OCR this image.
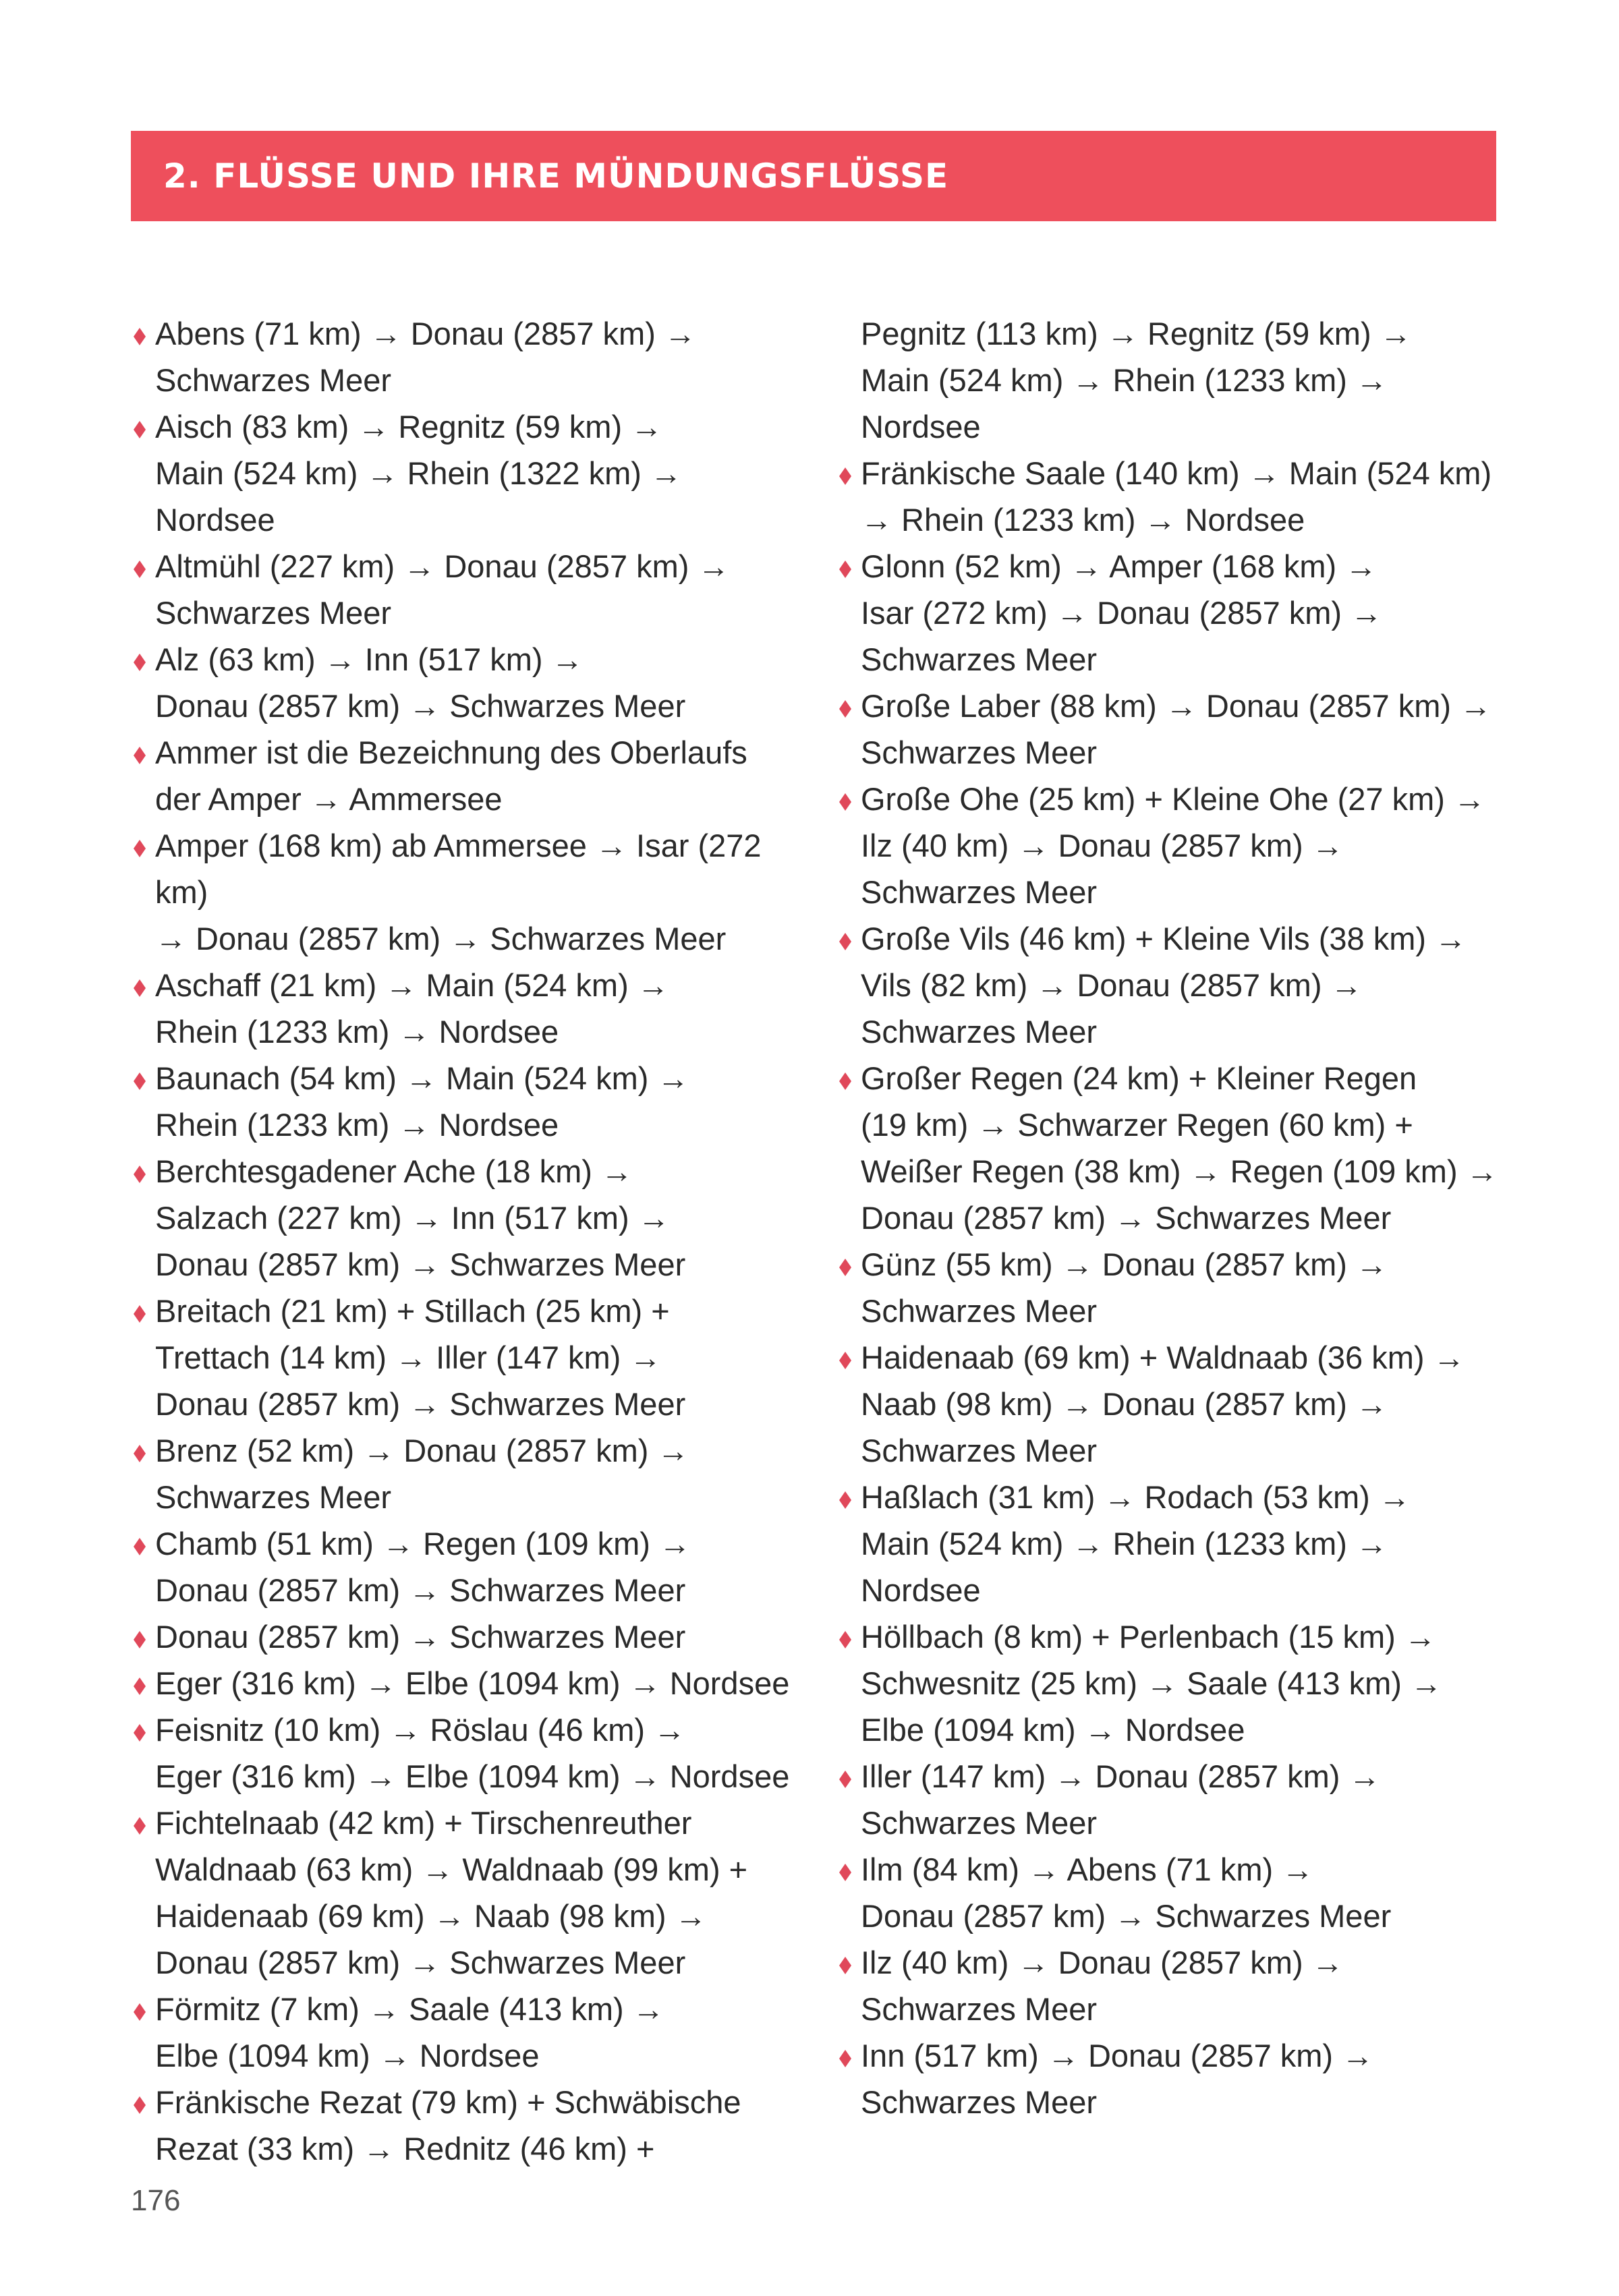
2. FLÜSSE UND IHRE MÜNDUNGSFLÜSSE
Abens (71 km) → Donau (2857 km) →
Schwarzes Meer
Aisch (83 km) → Regnitz (59 km) →
Main (524 km) → Rhein (1322 km) →
Nordsee
Altmühl (227 km) → Donau (2857 km) →
Schwarzes Meer
Alz (63 km) → Inn (517 km) →
Donau (2857 km) → Schwarzes Meer
Ammer ist die Bezeichnung des Oberlaufs
der Amper → Ammersee
Amper (168 km) ab Ammersee → Isar (272 km)
→ Donau (2857 km) → Schwarzes Meer
Aschaff (21 km) → Main (524 km) →
Rhein (1233 km) → Nordsee
Baunach (54 km) → Main (524 km) →
Rhein (1233 km) → Nordsee
Berchtesgadener Ache (18 km) →
Salzach (227 km) → Inn (517 km) →
Donau (2857 km) → Schwarzes Meer
Breitach (21 km) + Stillach (25 km) +
Trettach (14 km) → Iller (147 km) →
Donau (2857 km) → Schwarzes Meer
Brenz (52 km) → Donau (2857 km) →
Schwarzes Meer
Chamb (51 km) → Regen (109 km) →
Donau (2857 km) → Schwarzes Meer
Donau (2857 km) → Schwarzes Meer
Eger (316 km) → Elbe (1094 km) → Nordsee
Feisnitz (10 km) → Röslau (46 km) →
Eger (316 km) → Elbe (1094 km) → Nordsee
Fichtelnaab (42 km) + Tirschenreuther
Waldnaab (63 km) → Waldnaab (99 km) +
Haidenaab (69 km) → Naab (98 km) →
Donau (2857 km) → Schwarzes Meer
Förmitz (7 km) → Saale (413 km) →
Elbe (1094 km) → Nordsee
Fränkische Rezat (79 km) + Schwäbische
Rezat (33 km) → Rednitz (46 km) +
Pegnitz (113 km) → Regnitz (59 km) →
Main (524 km) → Rhein (1233 km) →
Nordsee
Fränkische Saale (140 km) → Main (524 km)
→ Rhein (1233 km) → Nordsee
Glonn (52 km) → Amper (168 km) →
Isar (272 km) → Donau (2857 km) →
Schwarzes Meer
Große Laber (88 km) → Donau (2857 km) →
Schwarzes Meer
Große Ohe (25 km) + Kleine Ohe (27 km) →
Ilz (40 km) → Donau (2857 km) →
Schwarzes Meer
Große Vils (46 km) + Kleine Vils (38 km) →
Vils (82 km) → Donau (2857 km) →
Schwarzes Meer
Großer Regen (24 km) + Kleiner Regen
(19 km) → Schwarzer Regen (60 km) +
Weißer Regen (38 km) → Regen (109 km) →
Donau (2857 km) → Schwarzes Meer
Günz (55 km) → Donau (2857 km) →
Schwarzes Meer
Haidenaab (69 km) + Waldnaab (36 km) →
Naab (98 km) → Donau (2857 km) →
Schwarzes Meer
Haßlach (31 km) → Rodach (53 km) →
Main (524 km) → Rhein (1233 km) →
Nordsee
Höllbach (8 km) + Perlenbach (15 km) →
Schwesnitz (25 km) → Saale (413 km) →
Elbe (1094 km) → Nordsee
Iller (147 km) → Donau (2857 km) →
Schwarzes Meer
Ilm (84 km) → Abens (71 km) →
Donau (2857 km) → Schwarzes Meer
Ilz (40 km) → Donau (2857 km) →
Schwarzes Meer
Inn (517 km) → Donau (2857 km) →
Schwarzes Meer
176
